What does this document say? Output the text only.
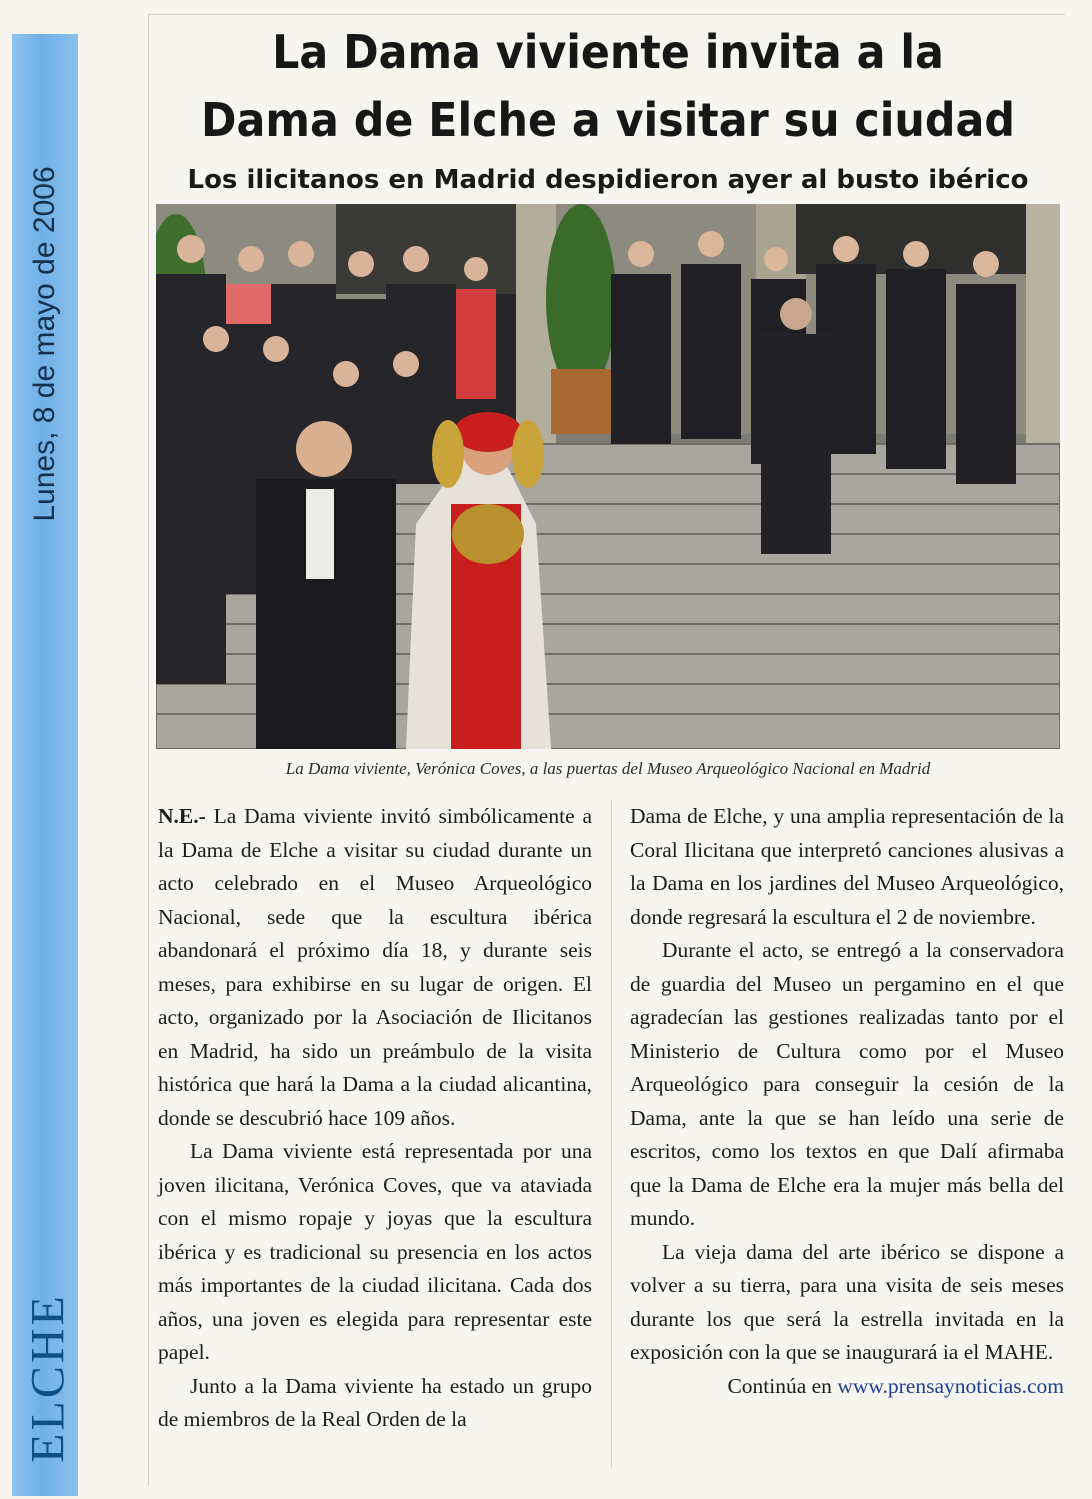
Lunes, 8 de mayo de 2006
ELCHE
La Dama viviente invita a la
Dama de Elche a visitar su ciudad
Los ilicitanos en Madrid despidieron ayer al busto ibérico

La Dama viviente, Verónica Coves, a las puertas del Museo Arqueológico Nacional en Madrid

N.E.- La Dama viviente invitó simbólicamente a la Dama de Elche a visitar su ciudad durante un acto celebrado en el Museo Arqueológico Nacional, sede que la escultura ibérica abandonará el próximo día 18, y durante seis meses, para exhibirse en su lugar de origen. El acto, organizado por la Asociación de Ilicitanos en Madrid, ha sido un preámbulo de la visita histórica que hará la Dama a la ciudad alicantina, donde se descubrió hace 109 años.

La Dama viviente está representada por una joven ilicitana, Verónica Coves, que va ataviada con el mismo ropaje y joyas que la escultura ibérica y es tradicional su presencia en los actos más importantes de la ciudad ilicitana. Cada dos años, una joven es elegida para representar este papel.

Junto a la Dama viviente ha estado un grupo de miembros de la Real Orden de la

Dama de Elche, y una amplia representación de la Coral Ilicitana que interpretó canciones alusivas a la Dama en los jardines del Museo Arqueológico, donde regresará la escultura el 2 de noviembre.

Durante el acto, se entregó a la conservadora de guardia del Museo un pergamino en el que agradecían las gestiones realizadas tanto por el Ministerio de Cultura como por el Museo Arqueológico para conseguir la cesión de la Dama, ante la que se han leído una serie de escritos, como los textos en que Dalí afirmaba que la Dama de Elche era la mujer más bella del mundo.

La vieja dama del arte ibérico se dispone a volver a su tierra, para una visita de seis meses durante los que será la estrella invitada en la exposición con la que se inaugurará ia el MAHE.

Continúa en www.prensaynoticias.com
